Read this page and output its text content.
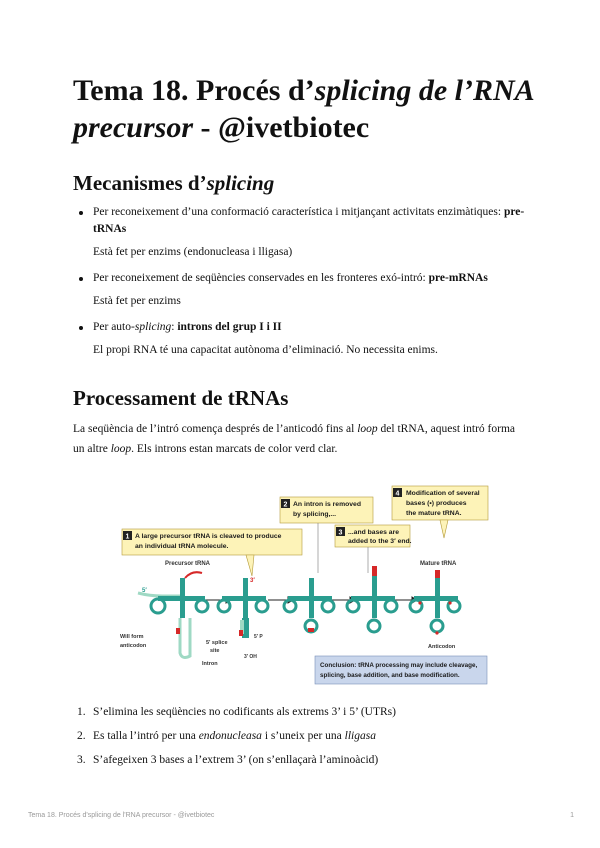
Tema 18. Procés d’splicing de l’RNA precursor - @ivetbiotec
Mecanismes d’splicing
Per reconeixement d’una conformació característica i mitjançant activitats enzimàtiques: pre-tRNAs
Està fet per enzims (endonucleasa i lligasa)
Per reconeixement de seqüències conservades en les fronteres exó-intró: pre-mRNAs
Està fet per enzims
Per auto-splicing: introns del grup I i II
El propi RNA té una capacitat autònoma d’eliminació. No necessita enims.
Processament de tRNAs

La seqüència de l’intró comença després de l’anticodó fins al loop del tRNA, aquest intró forma un altre loop. Els introns estan marcats de color verd clar.

1 A large precursor tRNA is cleaved to produce
an individual tRNA molecule.
2 An intron is removed
by splicing,...
3 ...and bases are
added to the 3′ end.
4 Modification of several
bases (•) produces
the mature tRNA.
Precursor tRNA	Mature tRNA
5′
3′
Will form
anticodon	5′ splice
site
Intron
5′ P
3′ OH
Anticodon
Conclusion: tRNA processing may include cleavage,
splicing, base addition, and base modification.
1. S’elimina les seqüències no codificants als extrems 3’ i 5’ (UTRs)
2. Es talla l’intró per una endonucleasa i s’uneix per una lligasa
3. S’afegeixen 3 bases a l’extrem 3’ (on s’enllaçarà l’aminoàcid)
Tema 18. Procés d'splicing de l'RNA precursor - @ivetbiotec	1
